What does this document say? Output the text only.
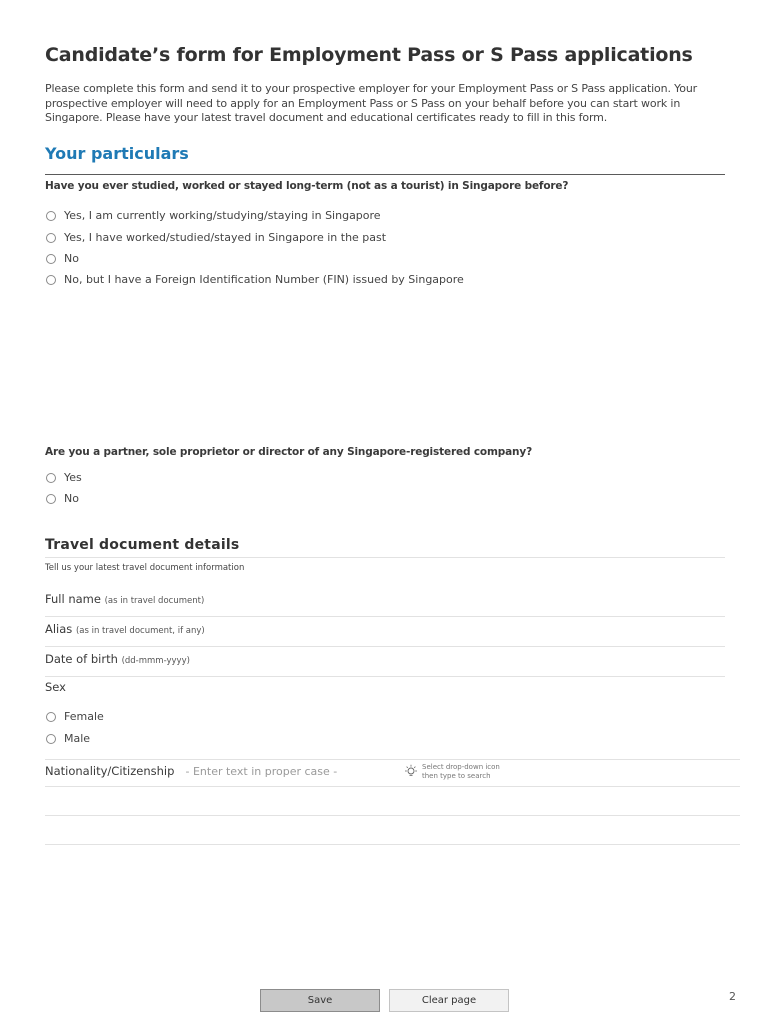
Candidate’s form for Employment Pass or S Pass applications

Please complete this form and send it to your prospective employer for your Employment Pass or S Pass application. Your prospective employer will need to apply for an Employment Pass or S Pass on your behalf before you can start work in Singapore. Please have your latest travel document and educational certificates ready to fill in this form.

Your particulars
Have you ever studied, worked or stayed long-term (not as a tourist) in Singapore before?
Yes, I am currently working/studying/staying in Singapore
Yes, I have worked/studied/stayed in Singapore in the past
No
No, but I have a Foreign Identification Number (FIN) issued by Singapore
Are you a partner, sole proprietor or director of any Singapore-registered company?
Yes
No
Travel document details
Tell us your latest travel document information
Full name (as in travel document)
Alias (as in travel document, if any)
Date of birth (dd-mmm-yyyy)
Sex
Female
Male
Nationality/Citizenship
- Enter text in proper case -	Select drop-down icon
then type to search
Save	Clear page	2
